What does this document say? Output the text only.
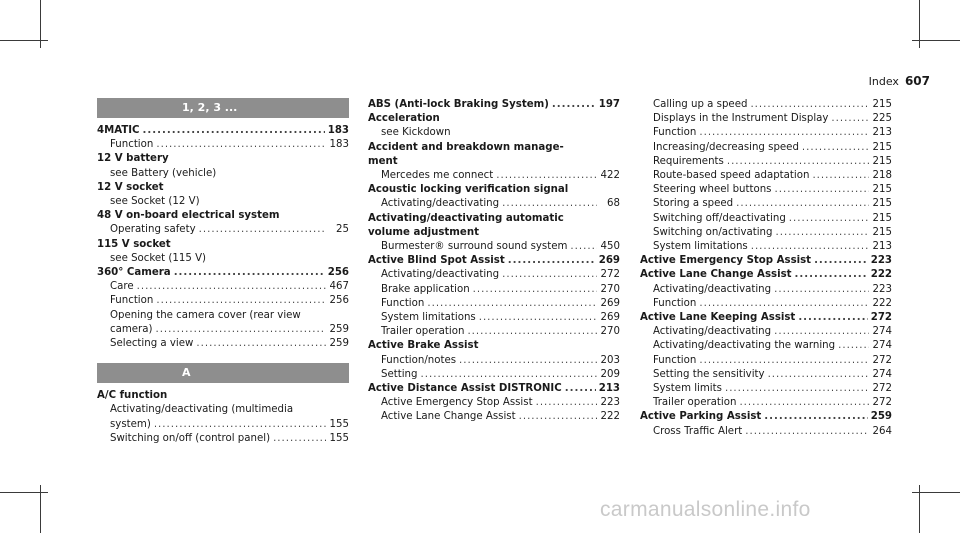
Index 607
1, 2, 3 ...
4MATIC .....	183
Function .....	183
12 V battery
see Battery (vehicle)
12 V socket
see Socket (12 V)
48 V on-board electrical system
Operating safety .....	25
115 V socket
see Socket (115 V)
360° Camera .....	256
Care .....	467
Function .....	256
Opening the camera cover (rear view
camera) .....	259
Selecting a view .....	259
A
A/C function
Activating/deactivating (multimedia
system) .....	155
Switching on/off (control panel) .....	155
ABS (Anti-lock Braking System) .....	197
Acceleration
see Kickdown
Accident and breakdown manage-
ment
Mercedes me connect .....	422
Acoustic locking verification signal
Activating/deactivating .....	68
Activating/deactivating automatic
volume adjustment
Burmester® surround sound system .....	450
Active Blind Spot Assist .....	269
Activating/deactivating .....	272
Brake application .....	270
Function .....	269
System limitations .....	269
Trailer operation .....	270
Active Brake Assist
Function/notes .....	203
Setting .....	209
Active Distance Assist DISTRONIC .....	213
Active Emergency Stop Assist .....	223
Active Lane Change Assist .....	222
Calling up a speed .....	215
Displays in the Instrument Display .....	225
Function .....	213
Increasing/decreasing speed .....	215
Requirements .....	215
Route-based speed adaptation .....	218
Steering wheel buttons .....	215
Storing a speed .....	215
Switching off/deactivating .....	215
Switching on/activating .....	215
System limitations .....	213
Active Emergency Stop Assist .....	223
Active Lane Change Assist .....	222
Activating/deactivating .....	223
Function .....	222
Active Lane Keeping Assist .....	272
Activating/deactivating .....	274
Activating/deactivating the warning .....	274
Function .....	272
Setting the sensitivity .....	274
System limits .....	272
Trailer operation .....	272
Active Parking Assist .....	259
Cross Traffic Alert .....	264
carmanualsonline.info
